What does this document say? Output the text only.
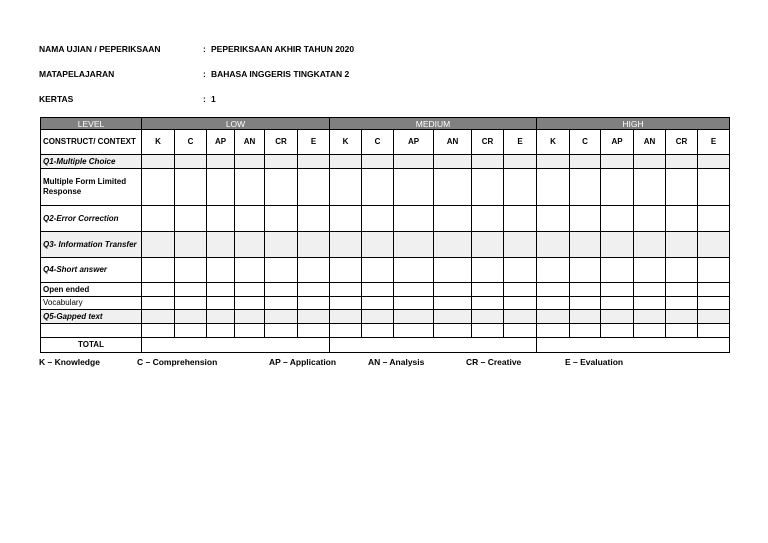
NAMA UJIAN / PEPERIKSAAN	: PEPERIKSAAN AKHIR TAHUN 2020
MATAPELAJARAN	: BAHASA INGGERIS TINGKATAN 2
KERTAS	: 1
LEVEL	LOW						MEDIUM						HIGH					
CONSTRUCT/ CONTEXT	K	C	AP	AN	CR	E	K	C	AP	AN	CR	E	K	C	AP	AN	CR	E
Q1-Multiple Choice																		
Multiple Form Limited Response																		
Q2-Error Correction																		
Q3- Information Transfer																		
Q4-Short answer																		
Open ended																		
Vocabulary																		
Q5-Gapped text																		

TOTAL																		
K – Knowledge	C – Comprehension	AP – Application	AN – Analysis	CR – Creative	E – Evaluation
